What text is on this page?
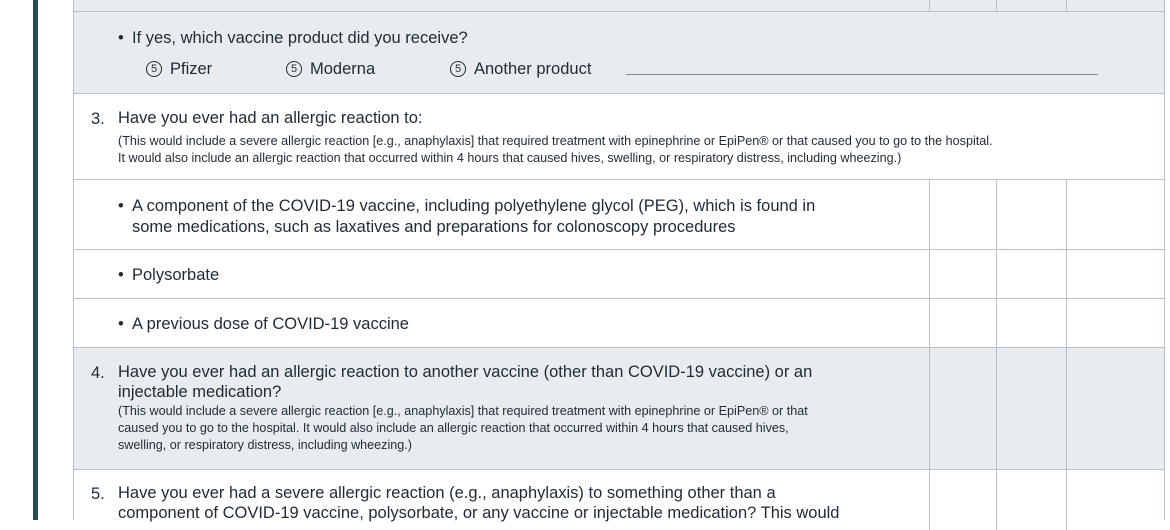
• If yes, which vaccine product did you receive?
5 Pfizer	5 Moderna	5 Another product
3. Have you ever had an allergic reaction to:
(This would include a severe allergic reaction [e.g., anaphylaxis] that required treatment with epinephrine or EpiPen® or that caused you to go to the hospital.
It would also include an allergic reaction that occurred within 4 hours that caused hives, swelling, or respiratory distress, including wheezing.)
• A component of the COVID-19 vaccine, including polyethylene glycol (PEG), which is found in
some medications, such as laxatives and preparations for colonoscopy procedures
• Polysorbate
• A previous dose of COVID-19 vaccine
4. Have you ever had an allergic reaction to another vaccine (other than COVID-19 vaccine) or an
injectable medication?
(This would include a severe allergic reaction [e.g., anaphylaxis] that required treatment with epinephrine or EpiPen® or that
caused you to go to the hospital. It would also include an allergic reaction that occurred within 4 hours that caused hives,
swelling, or respiratory distress, including wheezing.)
5. Have you ever had a severe allergic reaction (e.g., anaphylaxis) to something other than a
component of COVID-19 vaccine, polysorbate, or any vaccine or injectable medication? This would
